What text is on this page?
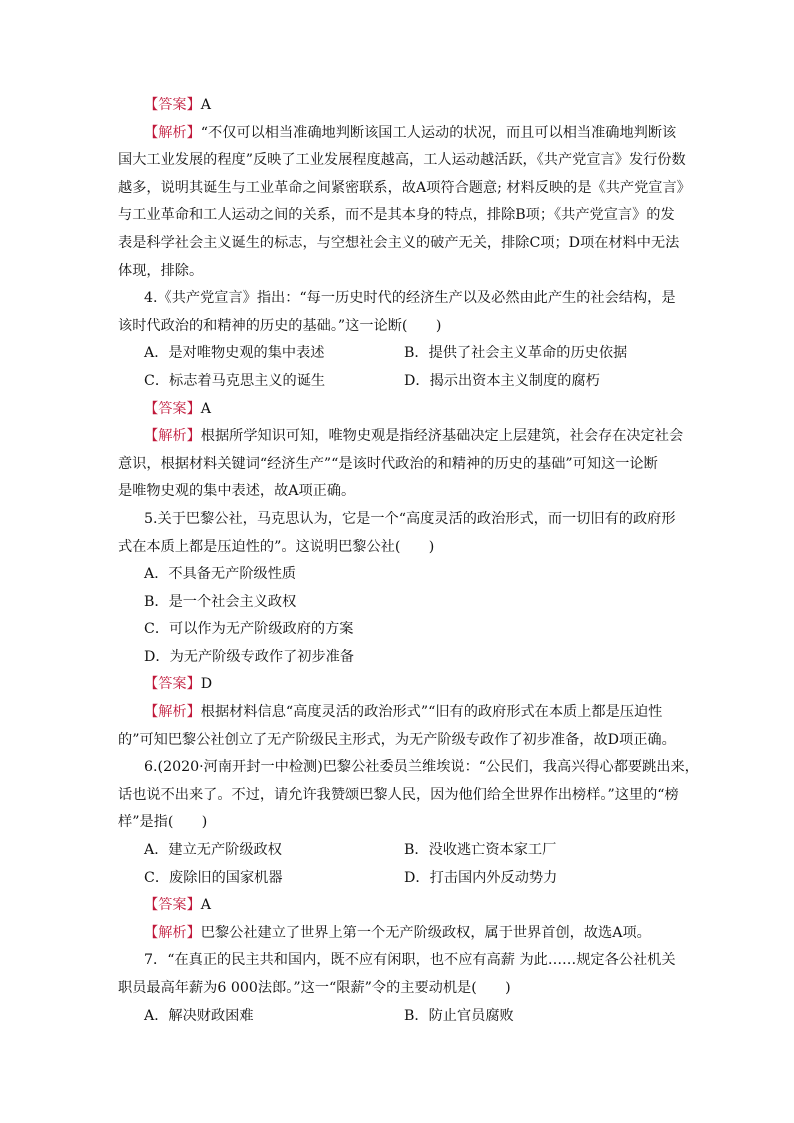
【答案】A
【解析】“不仅可以相当准确地判断该国工人运动的状况，而且可以相当准确地判断该
国大工业发展的程度”反映了工业发展程度越高，工人运动越活跃，《共产党宣言》发行份数
越多，说明其诞生与工业革命之间紧密联系，故A项符合题意; 材料反映的是《共产党宣言》
与工业革命和工人运动之间的关系，而不是其本身的特点，排除B项；《共产党宣言》的发
表是科学社会主义诞生的标志，与空想社会主义的破产无关，排除C项；D项在材料中无法
体现，排除。
4.《共产党宣言》指出：“每一历史时代的经济生产以及必然由此产生的社会结构，是
该时代政治的和精神的历史的基础。”这一论断(　　)
A．是对唯物史观的集中表述	B．提供了社会主义革命的历史依据
C．标志着马克思主义的诞生	D．揭示出资本主义制度的腐朽
【答案】A
【解析】根据所学知识可知，唯物史观是指经济基础决定上层建筑，社会存在决定社会
意识，根据材料关键词“经济生产”“是该时代政治的和精神的历史的基础”可知这一论断
是唯物史观的集中表述，故A项正确。
5.关于巴黎公社，马克思认为，它是一个“高度灵活的政治形式，而一切旧有的政府形
式在本质上都是压迫性的”。这说明巴黎公社(　　)
A．不具备无产阶级性质
B．是一个社会主义政权
C．可以作为无产阶级政府的方案
D．为无产阶级专政作了初步准备
【答案】D
【解析】根据材料信息“高度灵活的政治形式”“旧有的政府形式在本质上都是压迫性
的”可知巴黎公社创立了无产阶级民主形式，为无产阶级专政作了初步准备，故D项正确。
6.(2020·河南开封一中检测)巴黎公社委员兰维埃说：“公民们，我高兴得心都要跳出来，
话也说不出来了。不过，请允许我赞颂巴黎人民，因为他们给全世界作出榜样。”这里的“榜
样”是指(　　)
A．建立无产阶级政权	B．没收逃亡资本家工厂
C．废除旧的国家机器	D．打击国内外反动势力
【答案】A
【解析】巴黎公社建立了世界上第一个无产阶级政权，属于世界首创，故选A项。
7．“在真正的民主共和国内，既不应有闲职，也不应有高薪 为此……规定各公社机关
职员最高年薪为6 000法郎。”这一“限薪”令的主要动机是(　　)
A．解决财政困难	B．防止官员腐败
